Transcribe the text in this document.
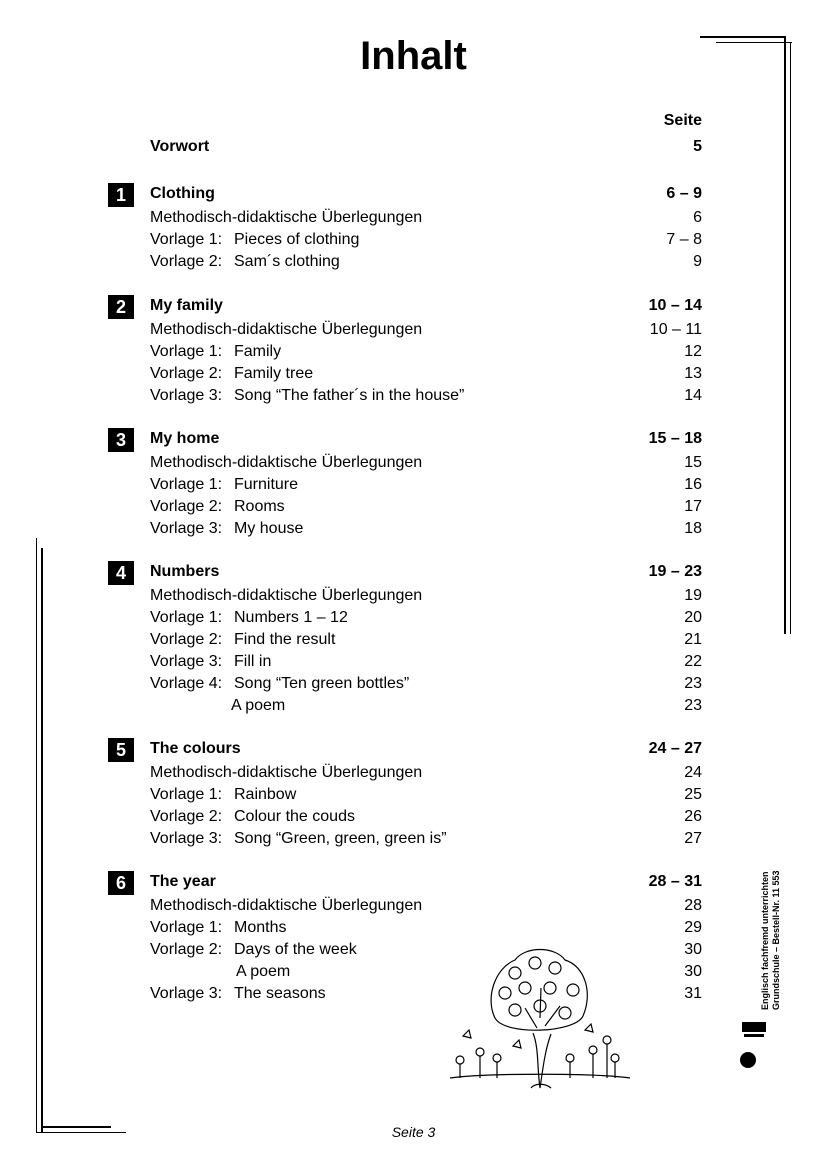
Inhalt
Seite
Vorwort	5
1	Clothing	6 – 9
Methodisch-didaktische Überlegungen	6
Vorlage 1: Pieces of clothing	7 – 8
Vorlage 2: Sam´s clothing	9
2	My family	10 – 14
Methodisch-didaktische Überlegungen	10 – 11
Vorlage 1: Family	12
Vorlage 2: Family tree	13
Vorlage 3: Song “The father´s in the house”	14
3	My home	15 – 18
Methodisch-didaktische Überlegungen	15
Vorlage 1: Furniture	16
Vorlage 2: Rooms	17
Vorlage 3: My house	18
4	Numbers	19 – 23
Methodisch-didaktische Überlegungen	19
Vorlage 1: Numbers 1 – 12	20
Vorlage 2: Find the result	21
Vorlage 3: Fill in	22
Vorlage 4: Song “Ten green bottles”	23
A poem	23
5	The colours	24 – 27
Methodisch-didaktische Überlegungen	24
Vorlage 1: Rainbow	25
Vorlage 2: Colour the couds	26
Vorlage 3: Song “Green, green, green is”	27
6	The year	28 – 31
Methodisch-didaktische Überlegungen	28
Vorlage 1: Months	29
Vorlage 2: Days of the week	30
A poem	30
Vorlage 3: The seasons	31	Englisch fachfremd unterrichten Grundschule – Bestell-Nr. 11 553
Seite 3
